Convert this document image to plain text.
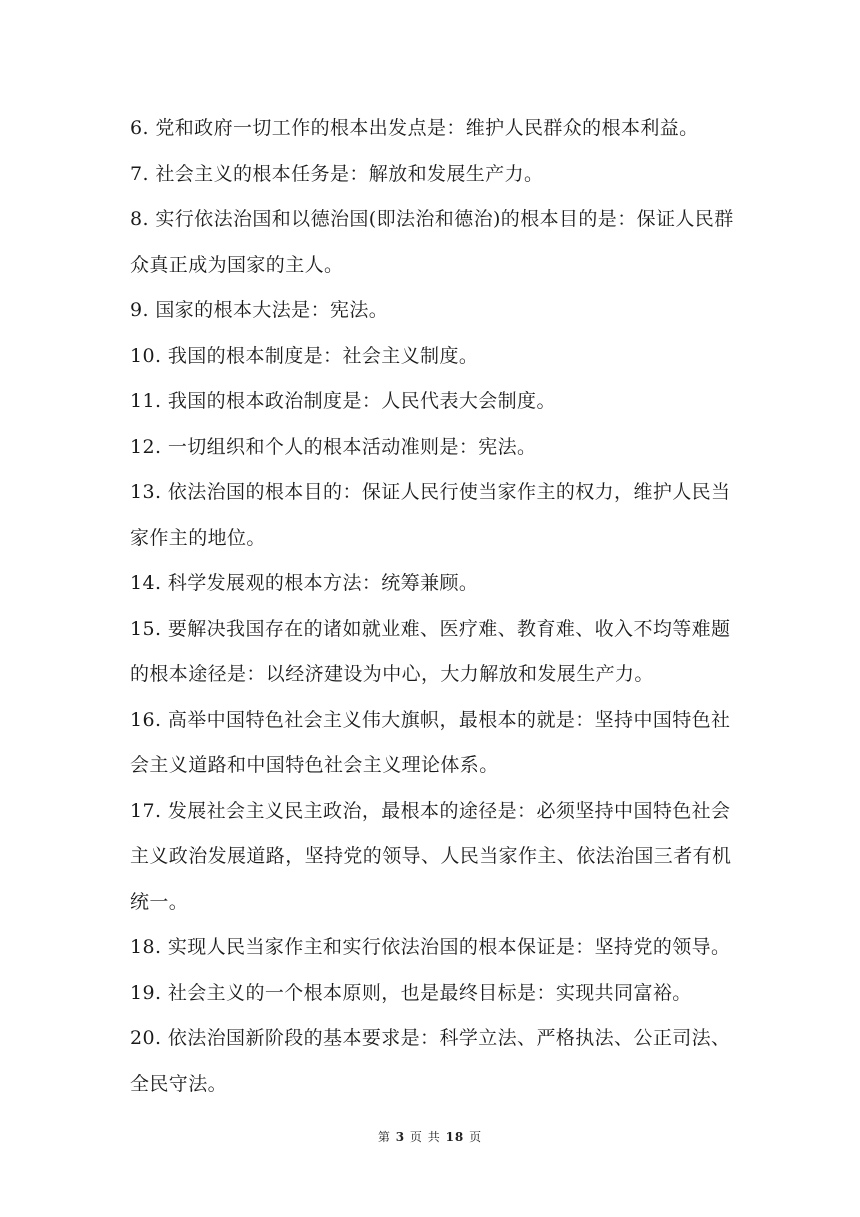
6. 党和政府一切工作的根本出发点是：维护人民群众的根本利益。

7. 社会主义的根本任务是：解放和发展生产力。

8. 实行依法治国和以德治国(即法治和德治)的根本目的是：保证人民群众真正成为国家的主人。

9. 国家的根本大法是：宪法。

10. 我国的根本制度是：社会主义制度。

11. 我国的根本政治制度是：人民代表大会制度。

12. 一切组织和个人的根本活动准则是：宪法。

13. 依法治国的根本目的：保证人民行使当家作主的权力，维护人民当家作主的地位。

14. 科学发展观的根本方法：统筹兼顾。

15. 要解决我国存在的诸如就业难、医疗难、教育难、收入不均等难题的根本途径是：以经济建设为中心，大力解放和发展生产力。

16. 高举中国特色社会主义伟大旗帜，最根本的就是：坚持中国特色社会主义道路和中国特色社会主义理论体系。

17. 发展社会主义民主政治，最根本的途径是：必须坚持中国特色社会主义政治发展道路，坚持党的领导、人民当家作主、依法治国三者有机统一。

18. 实现人民当家作主和实行依法治国的根本保证是：坚持党的领导。

19. 社会主义的一个根本原则，也是最终目标是：实现共同富裕。

20. 依法治国新阶段的基本要求是：科学立法、严格执法、公正司法、全民守法。

第 3 页 共 18 页
